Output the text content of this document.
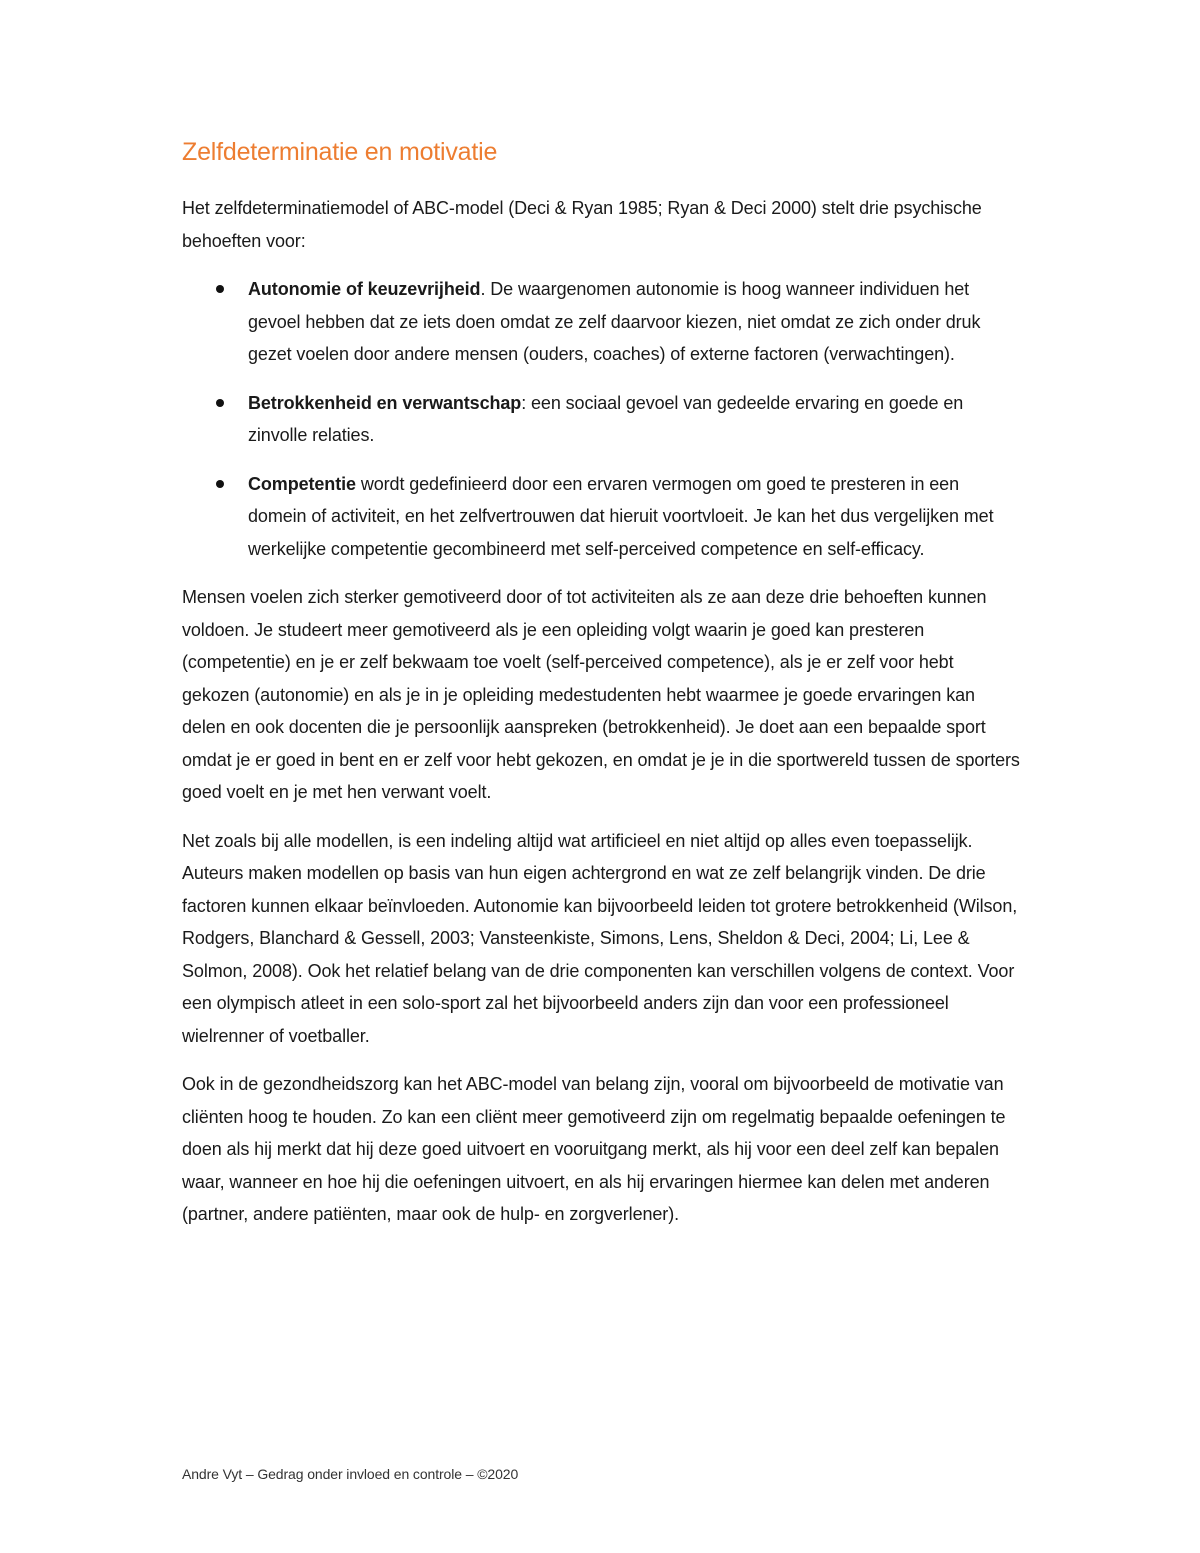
Zelfdeterminatie en motivatie

Het zelfdeterminatiemodel of ABC-model (Deci & Ryan 1985; Ryan & Deci 2000) stelt drie psychische behoeften voor:

Autonomie of keuzevrijheid. De waargenomen autonomie is hoog wanneer individuen het gevoel hebben dat ze iets doen omdat ze zelf daarvoor kiezen, niet omdat ze zich onder druk gezet voelen door andere mensen (ouders, coaches) of externe factoren (verwachtingen).
Betrokkenheid en verwantschap: een sociaal gevoel van gedeelde ervaring en goede en zinvolle relaties.
Competentie wordt gedefinieerd door een ervaren vermogen om goed te presteren in een domein of activiteit, en het zelfvertrouwen dat hieruit voortvloeit. Je kan het dus vergelijken met werkelijke competentie gecombineerd met self-perceived competence en self-efficacy.

Mensen voelen zich sterker gemotiveerd door of tot activiteiten als ze aan deze drie behoeften kunnen voldoen. Je studeert meer gemotiveerd als je een opleiding volgt waarin je goed kan presteren (competentie) en je er zelf bekwaam toe voelt (self-perceived competence), als je er zelf voor hebt gekozen (autonomie) en als je in je opleiding medestudenten hebt waarmee je goede ervaringen kan delen en ook docenten die je persoonlijk aanspreken (betrokkenheid). Je doet aan een bepaalde sport omdat je er goed in bent en er zelf voor hebt gekozen, en omdat je je in die sportwereld tussen de sporters goed voelt en je met hen verwant voelt.

Net zoals bij alle modellen, is een indeling altijd wat artificieel en niet altijd op alles even toepasselijk. Auteurs maken modellen op basis van hun eigen achtergrond en wat ze zelf belangrijk vinden. De drie factoren kunnen elkaar beïnvloeden. Autonomie kan bijvoorbeeld leiden tot grotere betrokkenheid (Wilson, Rodgers, Blanchard & Gessell, 2003; Vansteenkiste, Simons, Lens, Sheldon & Deci, 2004; Li, Lee & Solmon, 2008). Ook het relatief belang van de drie componenten kan verschillen volgens de context. Voor een olympisch atleet in een solo-sport zal het bijvoorbeeld anders zijn dan voor een professioneel wielrenner of voetballer.

Ook in de gezondheidszorg kan het ABC-model van belang zijn, vooral om bijvoorbeeld de motivatie van cliënten hoog te houden. Zo kan een cliënt meer gemotiveerd zijn om regelmatig bepaalde oefeningen te doen als hij merkt dat hij deze goed uitvoert en vooruitgang merkt, als hij voor een deel zelf kan bepalen waar, wanneer en hoe hij die oefeningen uitvoert, en als hij ervaringen hiermee kan delen met anderen (partner, andere patiënten, maar ook de hulp- en zorgverlener).

Andre Vyt – Gedrag onder invloed en controle – ©2020
